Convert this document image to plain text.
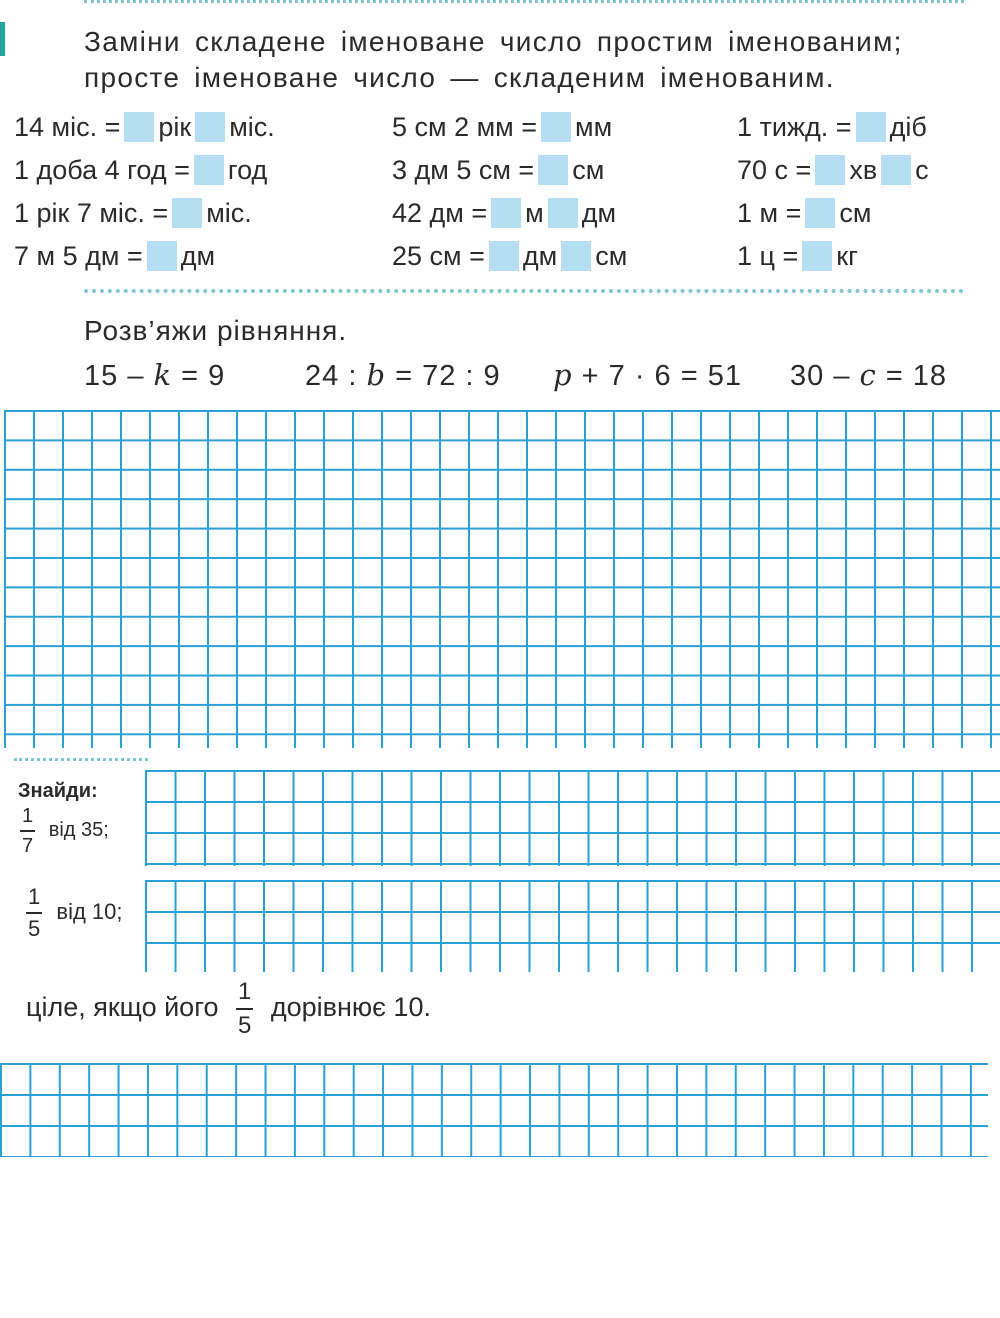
Заміни складене іменоване число простим іменованим;
просте іменоване число — складеним іменованим.
14 міс. = рік міс.
1 доба 4 год = год
1 рік 7 міс. = міс.
7 м 5 дм = дм
5 см 2 мм = мм
3 дм 5 см = см
42 дм = м дм
25 см = дм см
1 тижд. = діб
70 с = хв с
1 м = см
1 ц = кг
Розв’яжи рівняння.
15 – k = 9	24 : b = 72 : 9 p + 7 · 6 = 51 30 – c = 18
Знайди:
$\frac{1}{7}$ від 35;
$\frac{1}{5}$ від 10;
ціле, якщо його $\frac{1}{5}$ дорівнює 10.
